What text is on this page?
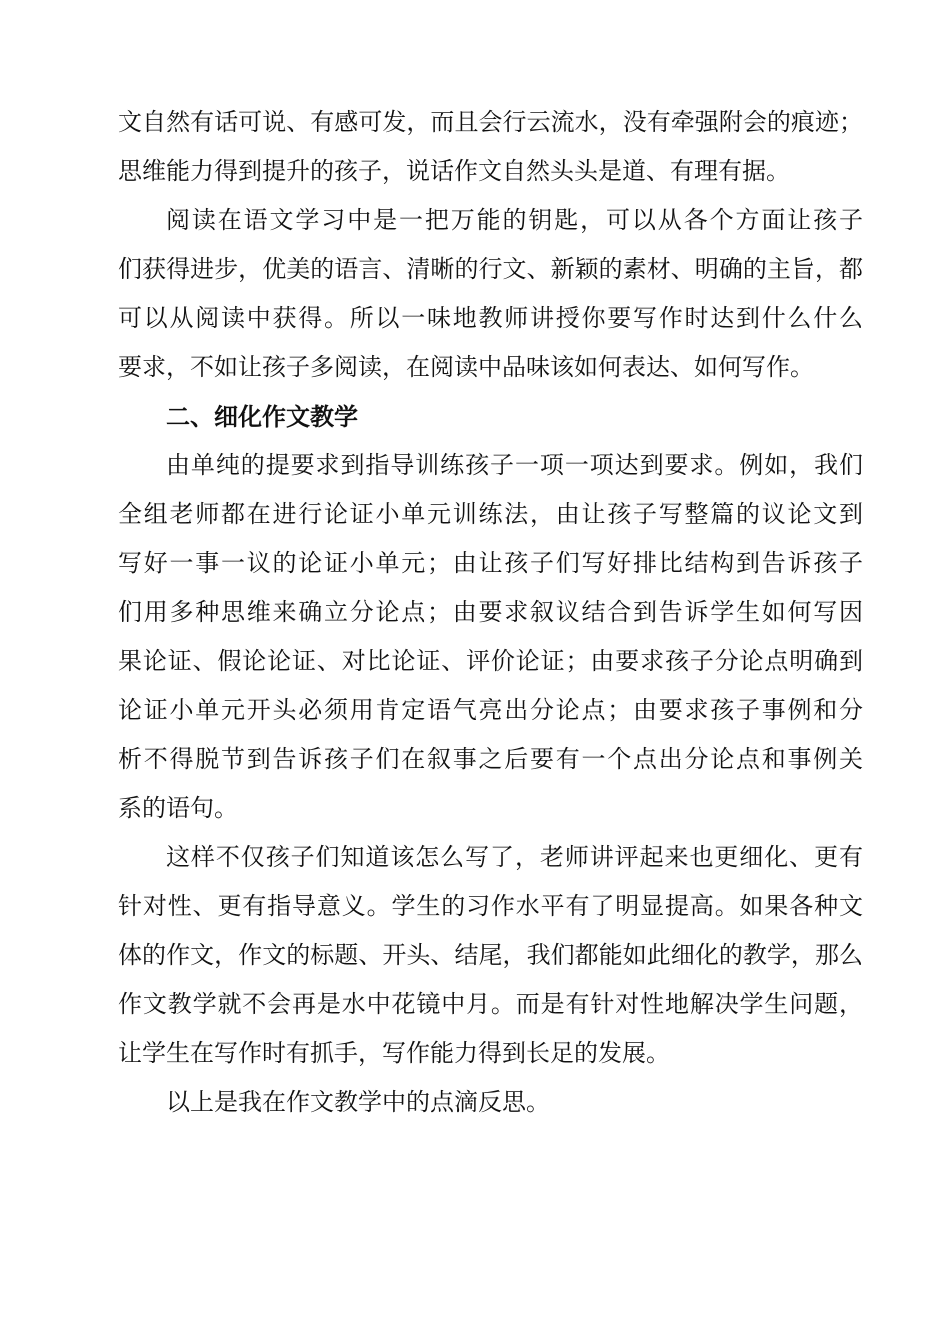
文自然有话可说、有感可发，而且会行云流水，没有牵强附会的痕迹；
思维能力得到提升的孩子，说话作文自然头头是道、有理有据。
阅读在语文学习中是一把万能的钥匙，可以从各个方面让孩子
们获得进步，优美的语言、清晰的行文、新颖的素材、明确的主旨，都
可以从阅读中获得。所以一味地教师讲授你要写作时达到什么什么
要求，不如让孩子多阅读，在阅读中品味该如何表达、如何写作。
二、细化作文教学
由单纯的提要求到指导训练孩子一项一项达到要求。例如，我们
全组老师都在进行论证小单元训练法，由让孩子写整篇的议论文到
写好一事一议的论证小单元；由让孩子们写好排比结构到告诉孩子
们用多种思维来确立分论点；由要求叙议结合到告诉学生如何写因
果论证、假论论证、对比论证、评价论证；由要求孩子分论点明确到
论证小单元开头必须用肯定语气亮出分论点；由要求孩子事例和分
析不得脱节到告诉孩子们在叙事之后要有一个点出分论点和事例关
系的语句。
这样不仅孩子们知道该怎么写了，老师讲评起来也更细化、更有
针对性、更有指导意义。学生的习作水平有了明显提高。如果各种文
体的作文，作文的标题、开头、结尾，我们都能如此细化的教学，那么
作文教学就不会再是水中花镜中月。而是有针对性地解决学生问题，
让学生在写作时有抓手，写作能力得到长足的发展。
以上是我在作文教学中的点滴反思。
